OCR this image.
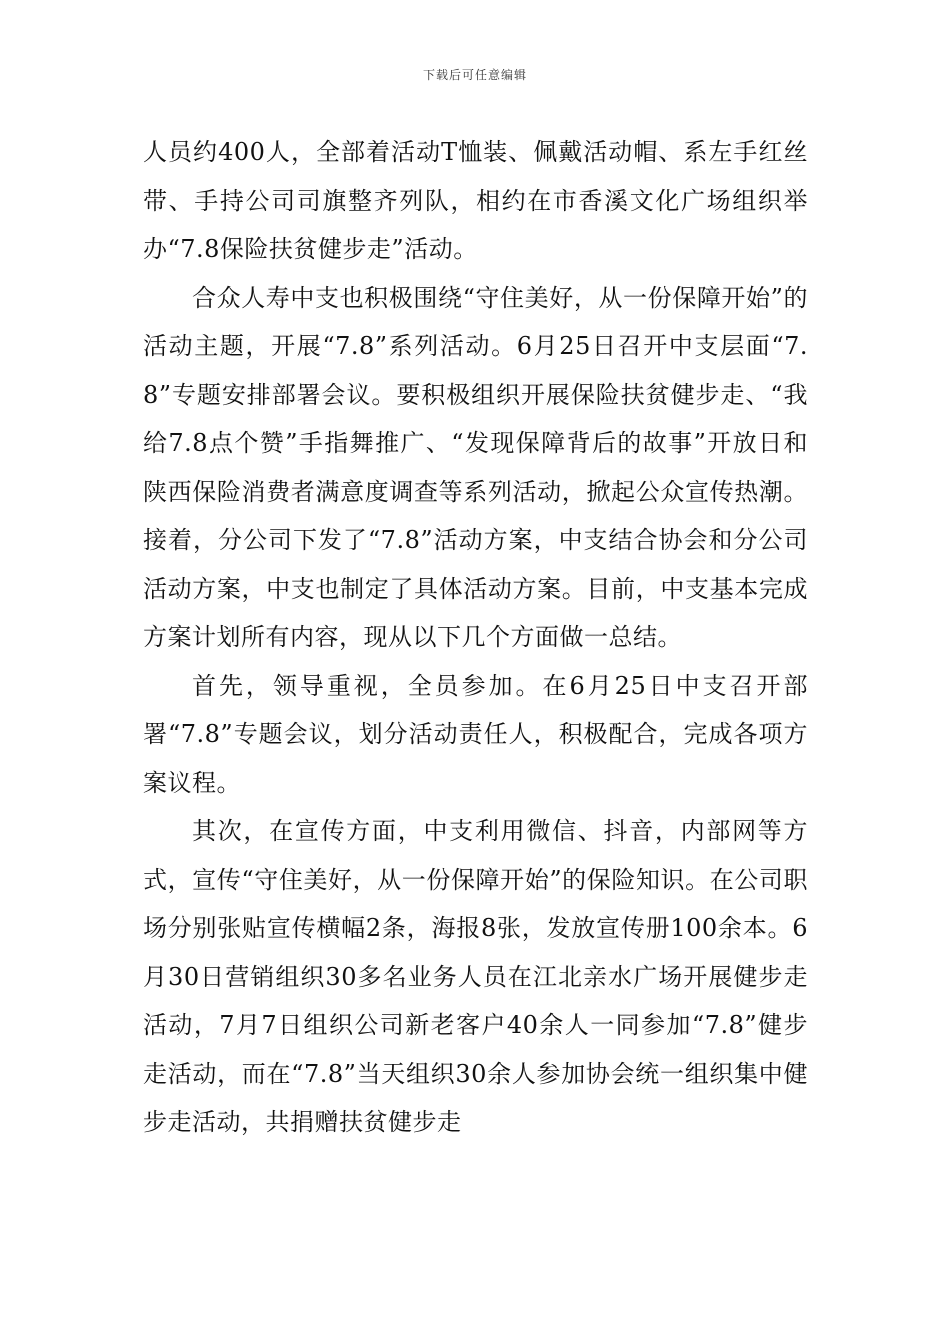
下载后可任意编辑

人员约400人，全部着活动T恤装、佩戴活动帽、系左手红丝带、手持公司司旗整齐列队，相约在市香溪文化广场组织举办“7.8保险扶贫健步走”活动。

合众人寿中支也积极围绕“守住美好，从一份保障开始”的活动主题，开展“7.8”系列活动。6月25日召开中支层面“7.8”专题安排部署会议。要积极组织开展保险扶贫健步走、“我给7.8点个赞”手指舞推广、“发现保障背后的故事”开放日和陕西保险消费者满意度调查等系列活动，掀起公众宣传热潮。接着，分公司下发了“7.8”活动方案，中支结合协会和分公司活动方案，中支也制定了具体活动方案。目前，中支基本完成方案计划所有内容，现从以下几个方面做一总结。

首先，领导重视，全员参加。在6月25日中支召开部署“7.8”专题会议，划分活动责任人，积极配合，完成各项方案议程。

其次，在宣传方面，中支利用微信、抖音，内部网等方式，宣传“守住美好，从一份保障开始”的保险知识。在公司职场分别张贴宣传横幅2条，海报8张，发放宣传册100余本。6月30日营销组织30多名业务人员在江北亲水广场开展健步走活动，7月7日组织公司新老客户40余人一同参加“7.8”健步走活动，而在“7.8”当天组织30余人参加协会统一组织集中健步走活动，共捐赠扶贫健步走
